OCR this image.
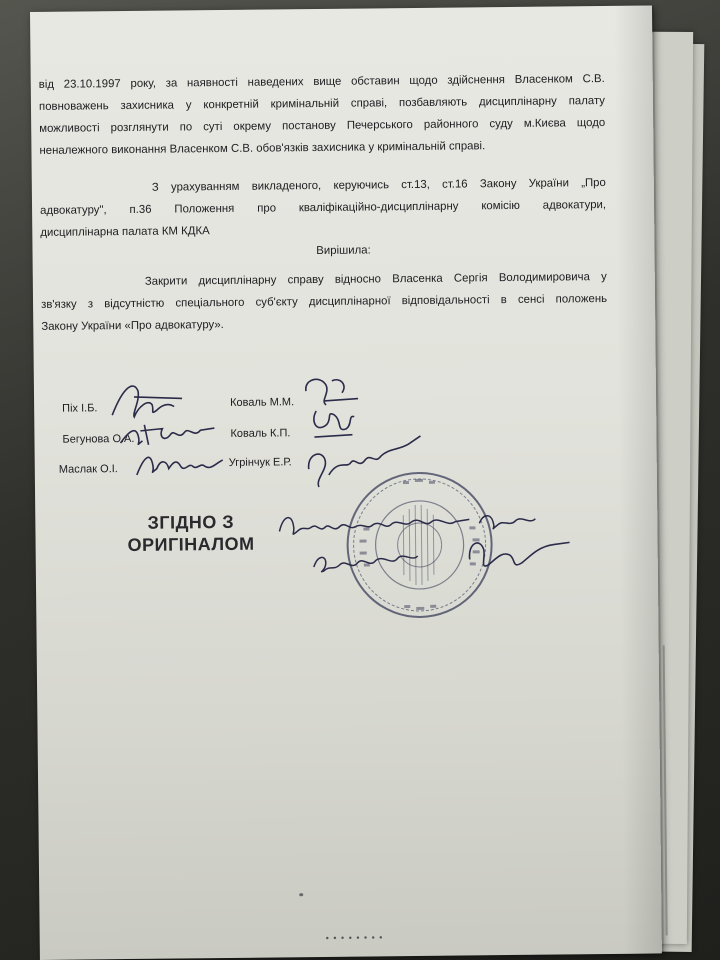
від 23.10.1997 року, за наявності наведених вище обставин щодо здійснення Власенком С.В.

повноважень захисника у конкретній кримінальній справі, позбавляють дисциплінарну палату

можливості розглянути по суті окрему постанову Печерського районного суду м.Києва щодо

неналежного виконання Власенком С.В. обов'язків захисника у кримінальній справі.

З урахуванням викладеного, керуючись ст.13, ст.16 Закону України „Про

адвокатуру", п.36 Положення про кваліфікаційно-дисциплінарну комісію адвокатури,

дисциплінарна палата КМ КДКА

Вирішила:

Закрити дисциплінарну справу відносно Власенка Сергія Володимировича у

зв'язку з відсутністю спеціального суб'єкту дисциплінарної відповідальності в сенсі положень

Закону України «Про адвокатуру».

Піх І.Б.	Коваль М.М.
Бегунова О.А.	Коваль К.П.
Маслак О.І.
Угрінчук Е.Р.
ЗГІДНО З
ОРИГІНАЛОМ
• • • • • • • •
